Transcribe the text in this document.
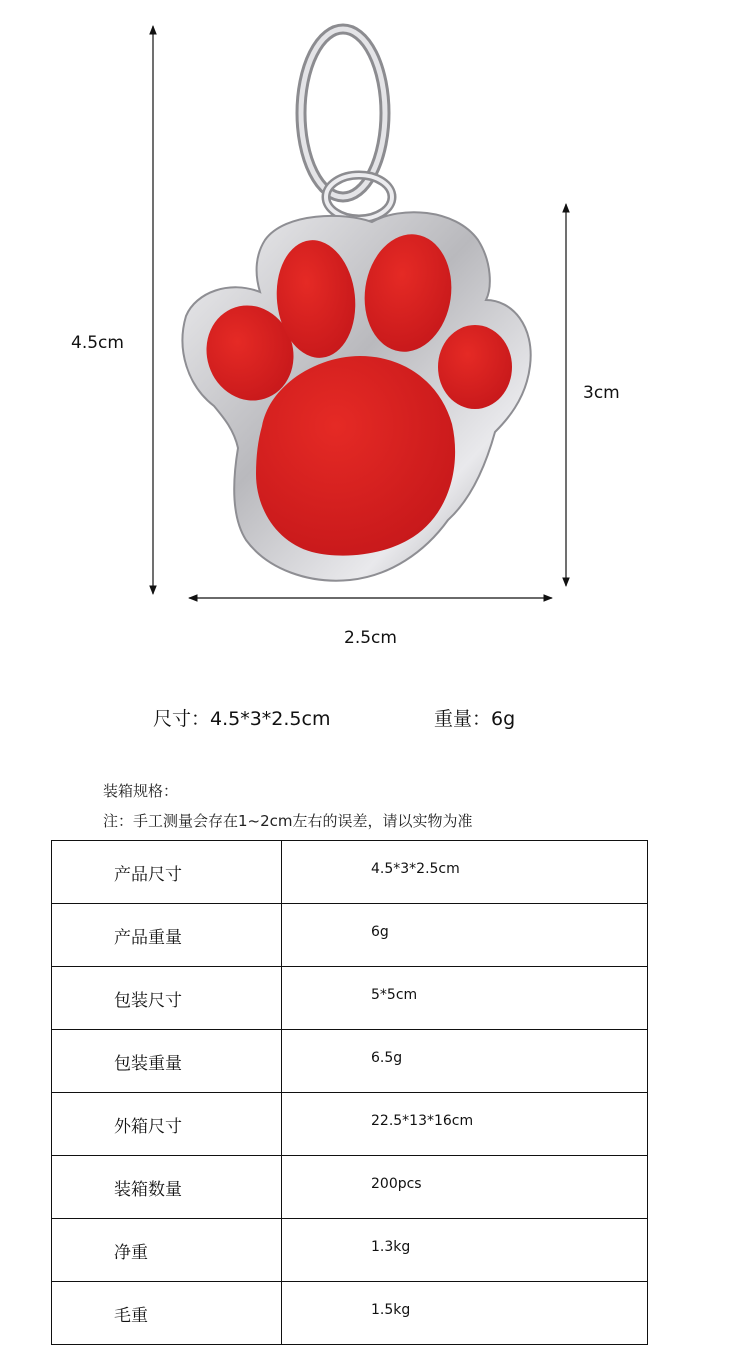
4.5cm
3cm
2.5cm
尺寸：4.5*3*2.5cm	重量：6g
装箱规格：
注：手工测量会存在1~2cm左右的误差，请以实物为准
产品尺寸	4.5*3*2.5cm
产品重量	6g
包装尺寸	5*5cm
包装重量	6.5g
外箱尺寸	22.5*13*16cm
装箱数量	200pcs
净重	1.3kg
毛重	1.5kg
